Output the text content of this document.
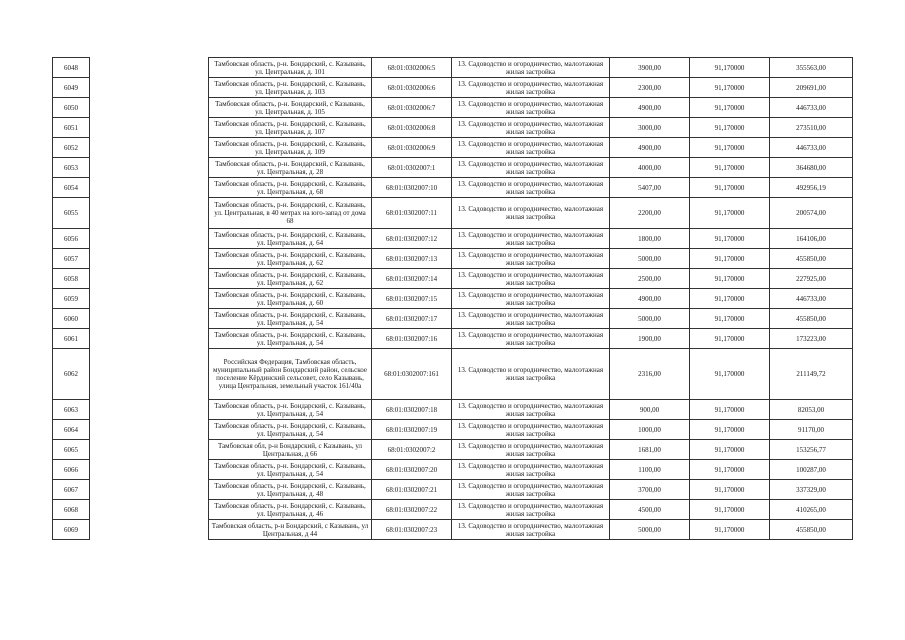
6048		Тамбовская область, р-н. Бондарский, с. Казывань, ул. Центральная, д. 101	68:01:0302006:5	13. Садоводство и огородничество, малоэтажная жилая застройка	3900,00	91,170000	355563,00
6049		Тамбовская область, р-н. Бондарский, с. Казывань, ул. Центральная, д. 103	68:01:0302006:6	13. Садоводство и огородничество, малоэтажная жилая застройка	2300,00	91,170000	209691,00
6050		Тамбовская область, р-н. Бондарский, с Казывань, ул. Центральная, д. 105	68:01:0302006:7	13. Садоводство и огородничество, малоэтажная жилая застройка	4900,00	91,170000	446733,00
6051		Тамбовская область, р-н. Бондарский, с. Казывань, ул. Центральная, д. 107	68:01:0302006:8	13. Садоводство и огородничество, малоэтажная жилая застройка	3000,00	91,170000	273510,00
6052		Тамбовская область, р-н. Бондарский, с. Казывань, ул. Центральная, д. 109	68:01:0302006:9	13. Садоводство и огородничество, малоэтажная жилая застройка	4900,00	91,170000	446733,00
6053		Тамбовская область, р-н. Бондарский, с Казывань, ул. Центральная, д. 28	68:01:0302007:1	13. Садоводство и огородничество, малоэтажная жилая застройка	4000,00	91,170000	364680,00
6054		Тамбовская область, р-н. Бондарский, с. Казывань, ул. Центральная, д. 68	68:01:0302007:10	13. Садоводство и огородничество, малоэтажная жилая застройка	5407,00	91,170000	492956,19
6055		Тамбовская область, р-н. Бондарский, с. Казывань, ул. Центральная, в 40 метрах на юго-запад от дома 68	68:01:0302007:11	13. Садоводство и огородничество, малоэтажная жилая застройка	2200,00	91,170000	200574,00
6056		Тамбовская область, р-н. Бондарский, с. Казывань, ул. Центральная, д. 64	68:01:0302007:12	13. Садоводство и огородничество, малоэтажная жилая застройка	1800,00	91,170000	164106,00
6057		Тамбовская область, р-н. Бондарский, с. Казывань, ул. Центральная, д. 62	68:01:0302007:13	13. Садоводство и огородничество, малоэтажная жилая застройка	5000,00	91,170000	455850,00
6058		Тамбовская область, р-н. Бондарский, с. Казывань, ул. Центральная, д. 62	68:01:0302007:14	13. Садоводство и огородничество, малоэтажная жилая застройка	2500,00	91,170000	227925,00
6059		Тамбовская область, р-н. Бондарский, с. Казывань, ул. Центральная, д. 60	68:01:0302007:15	13. Садоводство и огородничество, малоэтажная жилая застройка	4900,00	91,170000	446733,00
6060		Тамбовская область, р-н. Бондарский, с. Казывань, ул. Центральная, д. 54	68:01:0302007:17	13. Садоводство и огородничество, малоэтажная жилая застройка	5000,00	91,170000	455850,00
6061		Тамбовская область, р-н. Бондарский, с. Казывань, ул. Центральная, д. 54	68:01:0302007:16	13. Садоводство и огородничество, малоэтажная жилая застройка	1900,00	91,170000	173223,00
6062		Российская Федерация, Тамбовская область, муниципальный район Бондарский район, сельское поселение Кёрдинский сельсовет, село Казывань, улица Центральная, земельный участок 161/40а	68:01:0302007:161	13. Садоводство и огородничество, малоэтажная жилая застройка	2316,00	91,170000	211149,72
6063		Тамбовская область, р-н. Бондарский, с. Казывань, ул. Центральная, д. 54	68:01:0302007:18	13. Садоводство и огородничество, малоэтажная жилая застройка	900,00	91,170000	82053,00
6064		Тамбовская область, р-н. Бондарский, с. Казывань, ул. Центральная, д. 54	68:01:0302007:19	13. Садоводство и огородничество, малоэтажная жилая застройка	1000,00	91,170000	91170,00
6065		Тамбовская обл, р-н Бондарский, с Казывань, ул Центральная, д 66	68:01:0302007:2	13. Садоводство и огородничество, малоэтажная жилая застройка	1681,00	91,170000	153256,77
6066		Тамбовская область, р-н. Бондарский, с. Казывань, ул. Центральная, д. 54	68:01:0302007:20	13. Садоводство и огородничество, малоэтажная жилая застройка	1100,00	91,170000	100287,00
6067		Тамбовская область, р-н. Бондарский, с. Казывань, ул. Центральная, д. 48	68:01:0302007:21	13. Садоводство и огородничество, малоэтажная жилая застройка	3700,00	91,170000	337329,00
6068		Тамбовская область, р-н. Бондарский, с. Казывань, ул. Центральная, д. 46	68:01:0302007:22	13. Садоводство и огородничество, малоэтажная жилая застройка	4500,00	91,170000	410265,00
6069		Тамбовская область, р-н Бондарский, с Казывань, ул Центральная, д 44	68:01:0302007:23	13. Садоводство и огородничество, малоэтажная жилая застройка	5000,00	91,170000	455850,00
